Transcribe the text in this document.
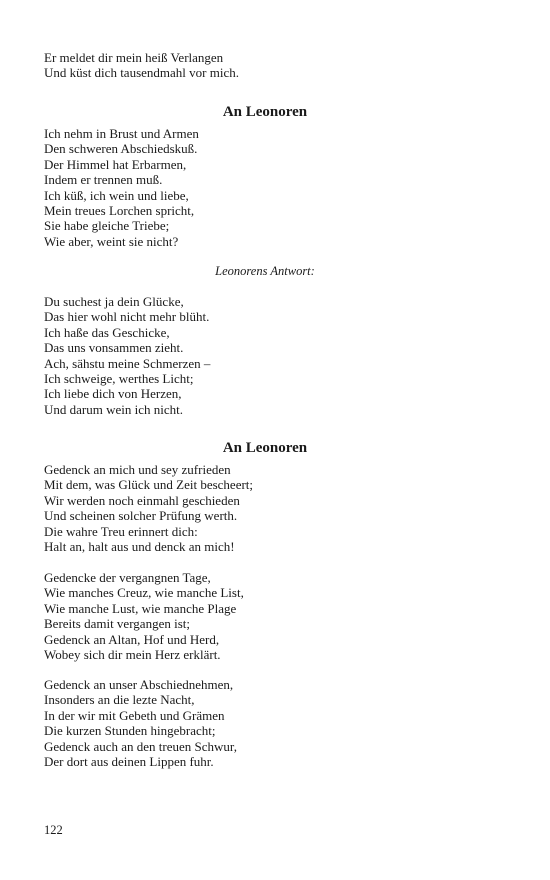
Er meldet dir mein heiß Verlangen
Und küst dich tausendmahl vor mich.
An Leonoren
Ich nehm in Brust und Armen
Den schweren Abschiedskuß.
Der Himmel hat Erbarmen,
Indem er trennen muß.
Ich küß, ich wein und liebe,
Mein treues Lorchen spricht,
Sie habe gleiche Triebe;
Wie aber, weint sie nicht?
Leonorens Antwort:
Du suchest ja dein Glücke,
Das hier wohl nicht mehr blüht.
Ich haße das Geschicke,
Das uns vonsammen zieht.
Ach, sähstu meine Schmerzen –
Ich schweige, werthes Licht;
Ich liebe dich von Herzen,
Und darum wein ich nicht.
An Leonoren
Gedenck an mich und sey zufrieden
Mit dem, was Glück und Zeit bescheert;
Wir werden noch einmahl geschieden
Und scheinen solcher Prüfung werth.
Die wahre Treu erinnert dich:
Halt an, halt aus und denck an mich!
Gedencke der vergangnen Tage,
Wie manches Creuz, wie manche List,
Wie manche Lust, wie manche Plage
Bereits damit vergangen ist;
Gedenck an Altan, Hof und Herd,
Wobey sich dir mein Herz erklärt.
Gedenck an unser Abschiednehmen,
Insonders an die lezte Nacht,
In der wir mit Gebeth und Grämen
Die kurzen Stunden hingebracht;
Gedenck auch an den treuen Schwur,
Der dort aus deinen Lippen fuhr.
122
